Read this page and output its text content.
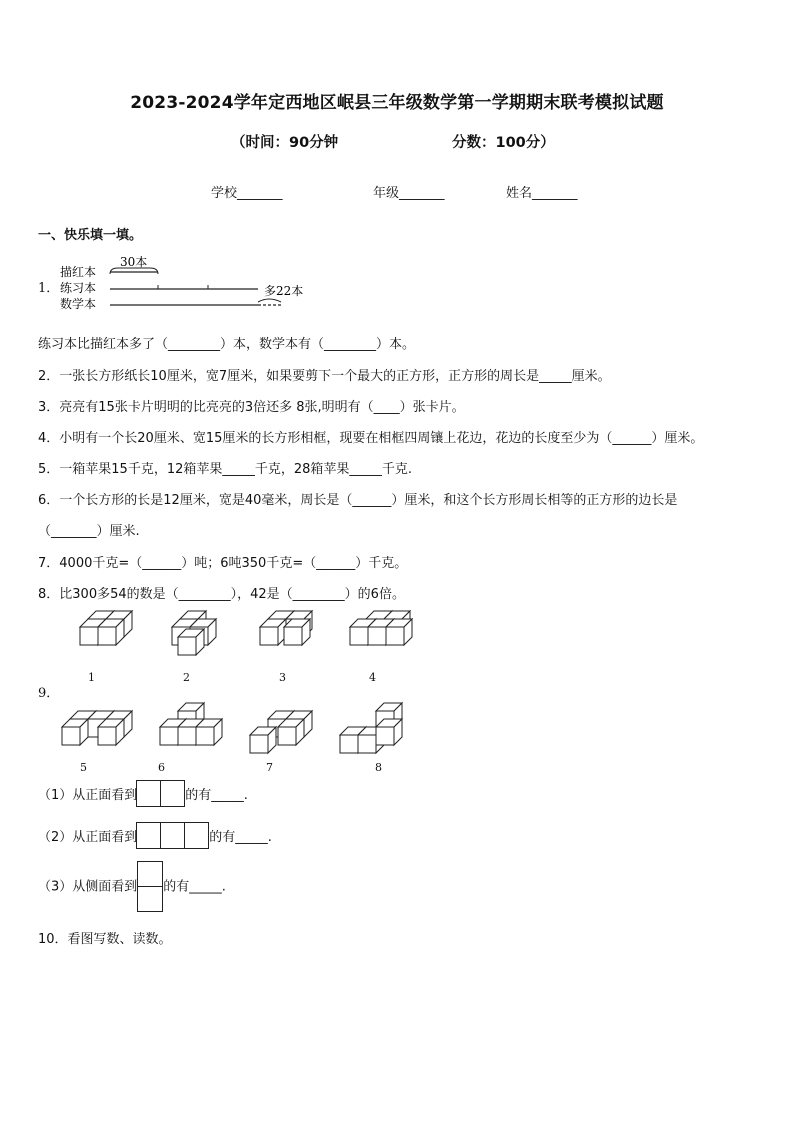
2023-2024学年定西地区岷县三年级数学第一学期期末联考模拟试题
（时间：90分钟	分数：100分）
学校_______	年级_______	姓名_______
一、快乐填一填。
1．
描红本
练习本
数学本
30本
多22本
练习本比描红本多了（________）本，数学本有（________）本。
2．一张长方形纸长10厘米，宽7厘米，如果要剪下一个最大的正方形，正方形的周长是_____厘米。
3．亮亮有15张卡片明明的比亮亮的3倍还多 8张,明明有（____）张卡片。
4．小明有一个长20厘米、宽15厘米的长方形相框，现要在相框四周镶上花边，花边的长度至少为（______）厘米。
5．一箱苹果15千克，12箱苹果_____千克，28箱苹果_____千克.
6．一个长方形的长是12厘米，宽是40毫米，周长是（______）厘米，和这个长方形周长相等的正方形的边长是
（_______）厘米.
7．4000千克=（______）吨；6吨350千克=（______）千克。
8．比300多54的数是（________），42是（________）的6倍。
1	2	3	4
9．
5	6	7	8
（1）从正面看到	的有_____.
（2）从正面看到	的有_____.
（3）从侧面看到 的有_____.
10．看图写数、读数。
